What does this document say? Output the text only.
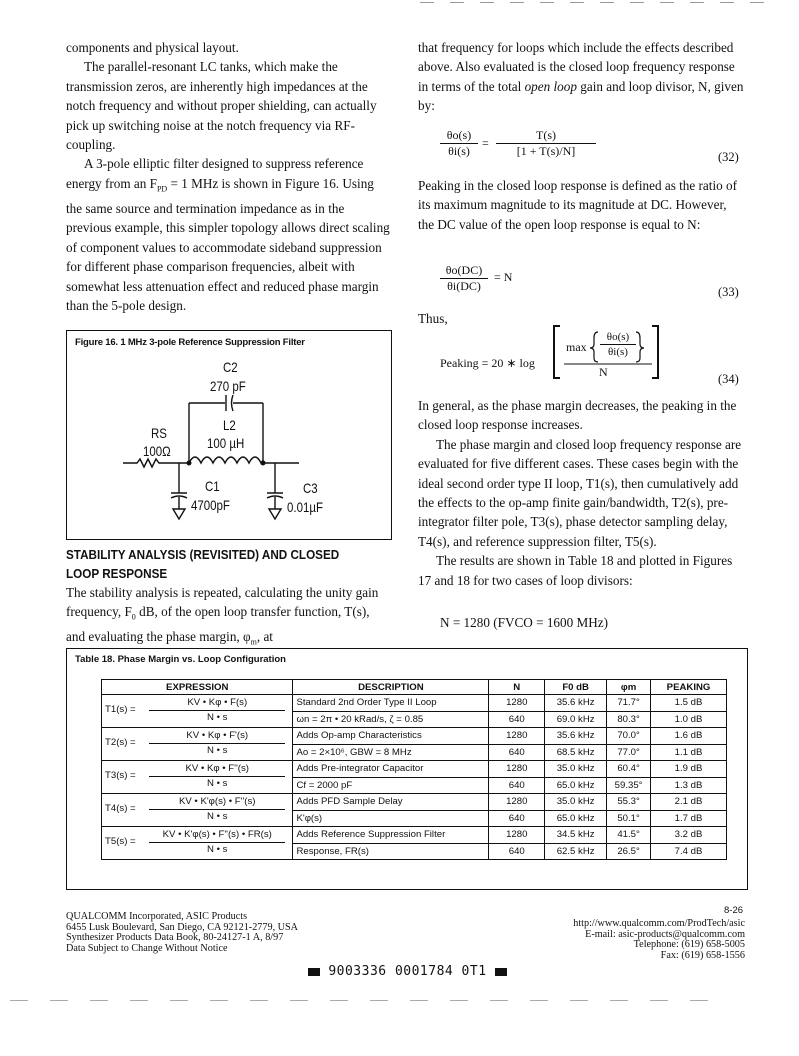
components and physical layout.

The parallel-resonant LC tanks, which make the transmission zeros, are inherently high impedances at the notch frequency and without proper shielding, can actually pick up switching noise at the notch frequency via RF-coupling.

A 3-pole elliptic filter designed to suppress reference energy from an $F_{PD} = 1$ MHz is shown in Figure 16. Using the same source and termination impedance as in the previous example, this simpler topology allows direct scaling of component values to accommodate sideband suppression for different phase comparison frequencies, albeit with somewhat less attenuation effect and reduced phase margin than the 5-pole design.

Figure 16. 1 MHz 3-pole Reference Suppression Filter
C2
270 pF
L2
100 µH
RS
100Ω
C1
4700pF
C3
0.01µF
STABILITY ANALYSIS (REVISITED) AND CLOSED LOOP RESPONSE

The stability analysis is repeated, calculating the unity gain frequency, $F_0$ dB, of the open loop transfer function, T(s), and evaluating the phase margin, $\varphi_m$, at

that frequency for loops which include the effects described above. Also evaluated is the closed loop frequency response in terms of the total open loop gain and loop divisor, N, given by:

$\frac{\theta o(s)}{\theta i(s)} = \frac{T(s)}{[1 + T(s)/N]}$	(32)

Peaking in the closed loop response is defined as the ratio of its maximum magnitude to its magnitude at DC. However, the DC value of the open loop response is equal to N:

$\frac{\theta o(DC)}{\theta i(DC)} = N$
(33)
Thus,
Peaking = 20 ∗ log
$\max \frac{\theta o(s)}{\theta i(s)}$
N	(34)

In general, as the phase margin decreases, the peaking in the closed loop response increases.

The phase margin and closed loop frequency response are evaluated for five different cases. These cases begin with the ideal second order type II loop, T1(s), then cumulatively add the effects to the op-amp finite gain/bandwidth, T2(s), pre-integrator filter pole, T3(s), phase detector sampling delay, T4(s), and reference suppression filter, T5(s).

The results are shown in Table 18 and plotted in Figures 17 and 18 for two cases of loop divisors:

N = 1280 (FVCO = 1600 MHz)
Table 18. Phase Margin vs. Loop Configuration
EXPRESSION	DESCRIPTION	N	F0 dB	φm	PEAKING

$T1(s) = \frac{KV • K\varphi • F(s)}{N • s}$	Standard 2nd Order Type II Loop	1280	35.6 kHz	71.7°	1.5 dB
	ωn = 2π • 20 kRad/s, ζ = 0.85	640	69.0 kHz	80.3°	1.0 dB

$T2(s) = \frac{KV • K\varphi • F'(s)}{N • s}$	Adds Op-amp Characteristics	1280	35.6 kHz	70.0°	1.6 dB
	Ao = 2×10⁶, GBW = 8 MHz	640	68.5 kHz	77.0°	1.1 dB

$T3(s) = \frac{KV • K\varphi • F''(s)}{N • s}$	Adds Pre-integrator Capacitor	1280	35.0 kHz	60.4°	1.9 dB
	Cf = 2000 pF	640	65.0 kHz	59.35°	1.3 dB

$T4(s) = \frac{KV • K'\varphi(s) • F''(s)}{N • s}$	Adds PFD Sample Delay	1280	35.0 kHz	55.3°	2.1 dB
	K'φ(s)	640	65.0 kHz	50.1°	1.7 dB

$T5(s) = \frac{KV • K'\varphi(s) • F''(s) • FR(s)}{N • s}$	Adds Reference Suppression Filter	1280	34.5 kHz	41.5°	3.2 dB
	Response, FR(s)	640	62.5 kHz	26.5°	7.4 dB
QUALCOMM Incorporated, ASIC Products
6455 Lusk Boulevard, San Diego, CA 92121-2779, USA
Synthesizer Products Data Book, 80-24127-1 A, 8/97
Data Subject to Change Without Notice
8-26
http://www.qualcomm.com/ProdTech/asic
E-mail: asic-products@qualcomm.com
Telephone: (619) 658-5005
Fax: (619) 658-1556
9003336 0001784 0T1
